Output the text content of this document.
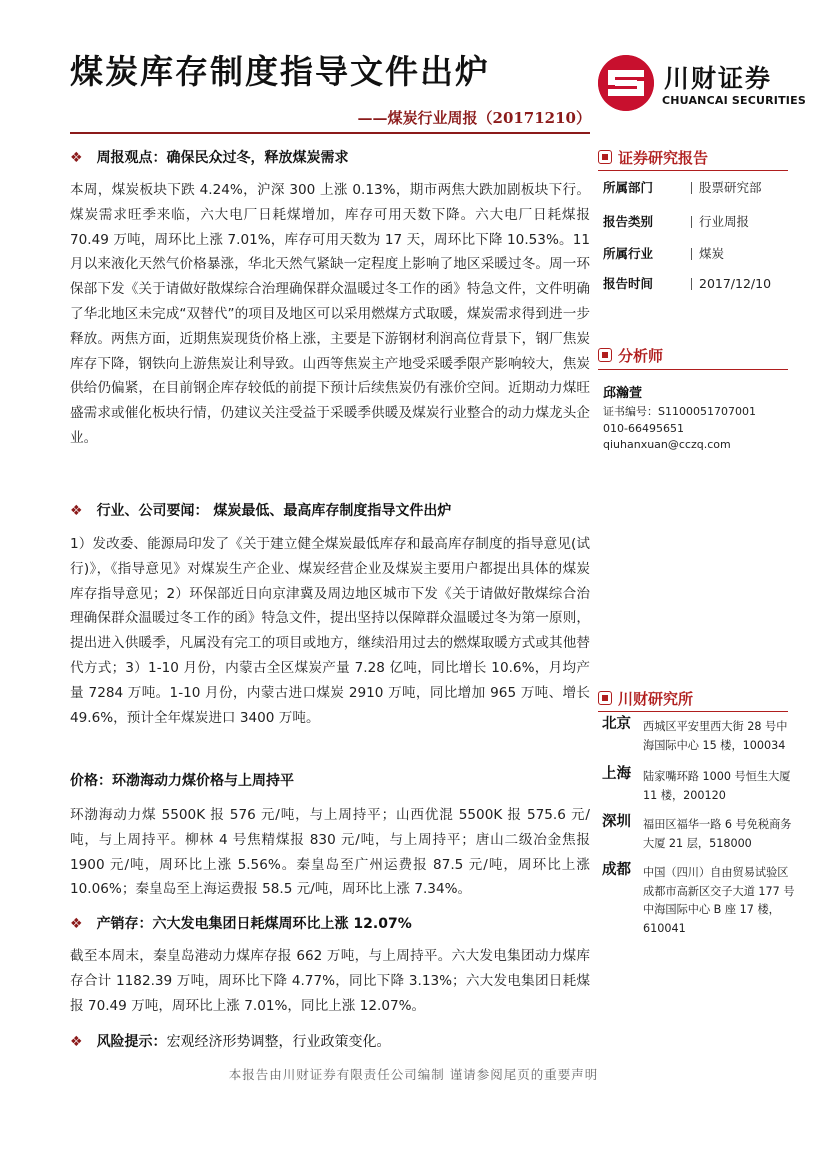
煤炭库存制度指导文件出炉
——煤炭行业周报（20171210）
川财证券
CHUANCAI SECURITIES
❖ 周报观点：确保民众过冬，释放煤炭需求
本周，煤炭板块下跌 4.24%，沪深 300 上涨 0.13%，期市两焦大跌加剧板块下行。煤炭需求旺季来临，六大电厂日耗煤增加，库存可用天数下降。六大电厂日耗煤报 70.49 万吨，周环比上涨 7.01%，库存可用天数为 17 天，周环比下降 10.53%。11 月以来液化天然气价格暴涨，华北天然气紧缺一定程度上影响了地区采暖过冬。周一环保部下发《关于请做好散煤综合治理确保群众温暖过冬工作的函》特急文件，文件明确了华北地区未完成“双替代”的项目及地区可以采用燃煤方式取暖，煤炭需求得到进一步释放。两焦方面，近期焦炭现货价格上涨，主要是下游钢材利润高位背景下，钢厂焦炭库存下降，钢铁向上游焦炭让利导致。山西等焦炭主产地受采暖季限产影响较大，焦炭供给仍偏紧，在目前钢企库存较低的前提下预计后续焦炭仍有涨价空间。近期动力煤旺盛需求或催化板块行情，仍建议关注受益于采暖季供暖及煤炭行业整合的动力煤龙头企业。
❖ 行业、公司要闻： 煤炭最低、最高库存制度指导文件出炉
1）发改委、能源局印发了《关于建立健全煤炭最低库存和最高库存制度的指导意见(试行)》，《指导意见》对煤炭生产企业、煤炭经营企业及煤炭主要用户都提出具体的煤炭库存指导意见；2）环保部近日向京津冀及周边地区城市下发《关于请做好散煤综合治理确保群众温暖过冬工作的函》特急文件，提出坚持以保障群众温暖过冬为第一原则，提出进入供暖季，凡属没有完工的项目或地方，继续沿用过去的燃煤取暖方式或其他替代方式；3）1-10 月份，内蒙古全区煤炭产量 7.28 亿吨，同比增长 10.6%，月均产量 7284 万吨。1-10 月份，内蒙古进口煤炭 2910 万吨，同比增加 965 万吨、增长 49.6%，预计全年煤炭进口 3400 万吨。
价格：环渤海动力煤价格与上周持平
环渤海动力煤 5500K 报 576 元/吨，与上周持平；山西优混 5500K 报 575.6 元/吨，与上周持平。柳林 4 号焦精煤报 830 元/吨，与上周持平；唐山二级冶金焦报 1900 元/吨，周环比上涨 5.56%。秦皇岛至广州运费报 87.5 元/吨，周环比上涨 10.06%；秦皇岛至上海运费报 58.5 元/吨，周环比上涨 7.34%。
❖ 产销存：六大发电集团日耗煤周环比上涨 12.07%
截至本周末，秦皇岛港动力煤库存报 662 万吨，与上周持平。六大发电集团动力煤库存合计 1182.39 万吨，周环比下降 4.77%，同比下降 3.13%；六大发电集团日耗煤报 70.49 万吨，周环比上涨 7.01%，同比上涨 12.07%。
❖ 风险提示：宏观经济形势调整，行业政策变化。
证券研究报告
所属部门	股票研究部
报告类别	行业周报
所属行业	煤炭
报告时间	2017/12/10
分析师
邱瀚萱
证书编号：S1100051707001
010-66495651
qiuhanxuan@cczq.com
川财研究所
北京 西城区平安里西大街 28 号中海国际中心 15 楼，100034
上海 陆家嘴环路 1000 号恒生大厦 11 楼，200120
深圳 福田区福华一路 6 号免税商务大厦 21 层，518000
成都 中国（四川）自由贸易试验区成都市高新区交子大道 177 号中海国际中心 B 座 17 楼，610041
本报告由川财证券有限责任公司编制 谨请参阅尾页的重要声明
